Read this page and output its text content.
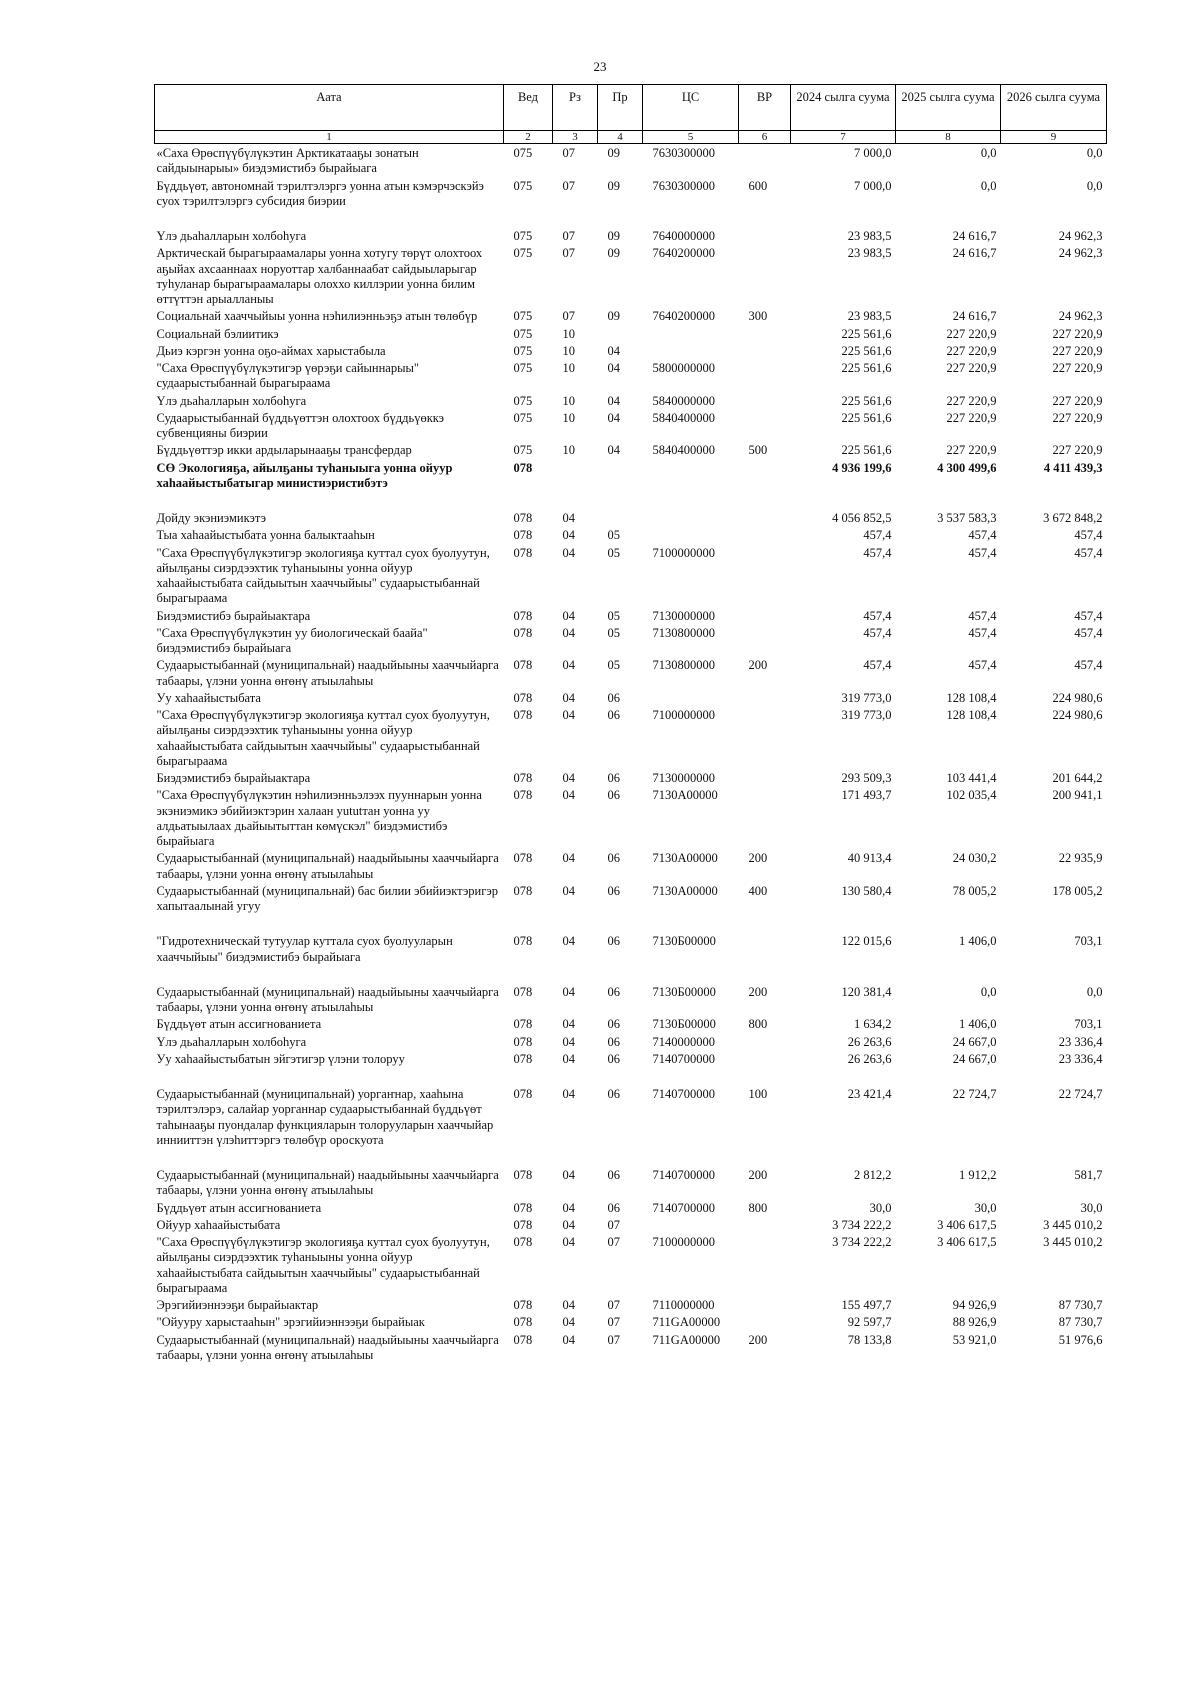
23
Аата	Вед	Рз	Пр	ЦС	ВР	2024 сылга суума	2025 сылга суума	2026 сылга суума
1	2	3	4	5	6	7	8	9
«Саха Өрөспүүбүлүкэтин Арктикатааҕы зонатын сайдыынарыы» биэдэмистибэ бырайыага	075	07	09	7630300000		7 000,0	0,0	0,0
Бүддьүөт, автономнай тэрилтэлэргэ уонна атын кэмэрчэскэйэ суох тэрилтэлэргэ субсидия биэрии	075	07	09	7630300000	600	7 000,0	0,0	0,0
Үлэ дьаһалларын холбоһуга	075	07	09	7640000000		23 983,5	24 616,7	24 962,3
Арктическай бырагыраамалары уонна хотугу төрүт олохтоох аҕыйах ахсааннаах норуоттар халбаннаабат сайдыыларыгар туһуланар бырагыраамалары олоххо киллэрии уонна билим өттүттэн арыалланыы	075	07	09	7640200000		23 983,5	24 616,7	24 962,3
Социальнай хааччыйыы уонна нэһилиэнньэҕэ атын төлөбүр	075	07	09	7640200000	300	23 983,5	24 616,7	24 962,3
Социальнай бэлиитикэ	075	10				225 561,6	227 220,9	227 220,9
Дьиэ кэргэн уонна оҕо-аймах харыстабыла	075	10	04			225 561,6	227 220,9	227 220,9
"Саха Өрөспүүбүлүкэтигэр үөрэҕи сайыннарыы" судаарыстыбаннай бырагыраама	075	10	04	5800000000		225 561,6	227 220,9	227 220,9
Үлэ дьаһалларын холбоһуга	075	10	04	5840000000		225 561,6	227 220,9	227 220,9
Судаарыстыбаннай бүддьүөттэн олохтоох бүддьүөккэ субвенцияны биэрии	075	10	04	5840400000		225 561,6	227 220,9	227 220,9
Бүддьүөттэр икки ардыларынааҕы трансфердар	075	10	04	5840400000	500	225 561,6	227 220,9	227 220,9
СӨ Экологияҕа, айылҕаны туһаныыга уонна ойуур хаһаайыстыбатыгар министиэристибэтэ	078					4 936 199,6	4 300 499,6	4 411 439,3
Дойду экэниэмикэтэ	078	04				4 056 852,5	3 537 583,3	3 672 848,2
Тыа хаһаайыстыбата уонна балыктааһын	078	04	05			457,4	457,4	457,4
"Саха Өрөспүүбүлүкэтигэр экологияҕа куттал суох буолуутун, айылҕаны сиэрдээхтик туһаныыны уонна ойуур хаһаайыстыбата сайдыытын хааччыйыы" судаарыстыбаннай бырагыраама	078	04	05	7100000000		457,4	457,4	457,4
Биэдэмистибэ бырайыактара	078	04	05	7130000000		457,4	457,4	457,4
"Саха Өрөспүүбүлүкэтин уу биологическай баайа" биэдэмистибэ бырайыага	078	04	05	7130800000		457,4	457,4	457,4
Судаарыстыбаннай (муниципальнай) наадыйыыны хааччыйарга табаары, үлэни уонна өҥөнү атыылаһыы	078	04	05	7130800000	200	457,4	457,4	457,4
Уу хаһаайыстыбата	078	04	06			319 773,0	128 108,4	224 980,6
"Саха Өрөспүүбүлүкэтигэр экологияҕа куттал суох буолуутун, айылҕаны сиэрдээхтик туһаныыны уонна ойуур хаһаайыстыбата сайдыытын хааччыйыы" судаарыстыбаннай бырагыраама	078	04	06	7100000000		319 773,0	128 108,4	224 980,6
Биэдэмистибэ бырайыактара	078	04	06	7130000000		293 509,3	103 441,4	201 644,2
"Саха Өрөспүүбүлүкэтин нэһилиэнньэлээх пууннарын уонна экэниэмикэ эбийиэктэрин халаан уututтан уонна уу алдьатыылаах дьайыытыттан көмүскэл" биэдэмистибэ бырайыага	078	04	06	7130А00000		171 493,7	102 035,4	200 941,1
Судаарыстыбаннай (муниципальнай) наадыйыыны хааччыйарга табаары, үлэни уонна өҥөнү атыылаһыы	078	04	06	7130А00000	200	40 913,4	24 030,2	22 935,9
Судаарыстыбаннай (муниципальнай) бас билии эбийиэктэригэр хапытаалынай угуу	078	04	06	7130А00000	400	130 580,4	78 005,2	178 005,2
"Гидротехническай тутуулар куттала суох буолууларын хааччыйыы" биэдэмистибэ бырайыага	078	04	06	7130Б00000		122 015,6	1 406,0	703,1
Судаарыстыбаннай (муниципальнай) наадыйыыны хааччыйарга табаары, үлэни уонна өҥөнү атыылаһыы	078	04	06	7130Б00000	200	120 381,4	0,0	0,0
Бүддьүөт атын ассигнованиета	078	04	06	7130Б00000	800	1 634,2	1 406,0	703,1
Үлэ дьаһалларын холбоһуга	078	04	06	7140000000		26 263,6	24 667,0	23 336,4
Уу хаһаайыстыбатын эйгэтигэр үлэни толоруу	078	04	06	7140700000		26 263,6	24 667,0	23 336,4
Судаарыстыбаннай (муниципальнай) уоргаҥнар, хааһына тэрилтэлэрэ, салайар уорганнар судаарыстыбаннай бүддьүөт таһынааҕы пуондалар функцияларын толорууларын хааччыйар иннииттэн үлэһиттэргэ төлөбүр ороскуота	078	04	06	7140700000	100	23 421,4	22 724,7	22 724,7
Судаарыстыбаннай (муниципальнай) наадыйыыны хааччыйарга табаары, үлэни уонна өҥөнү атыылаһыы	078	04	06	7140700000	200	2 812,2	1 912,2	581,7
Бүддьүөт атын ассигнованиета	078	04	06	7140700000	800	30,0	30,0	30,0
Ойуур хаһаайыстыбата	078	04	07			3 734 222,2	3 406 617,5	3 445 010,2
"Саха Өрөспүүбүлүкэтигэр экологияҕа куттал суох буолуутун, айылҕаны сиэрдээхтик туһаныыны уонна ойуур хаһаайыстыбата сайдыытын хааччыйыы" судаарыстыбаннай бырагыраама	078	04	07	7100000000		3 734 222,2	3 406 617,5	3 445 010,2
Эрэгийиэннээҕи бырайыактар	078	04	07	7110000000		155 497,7	94 926,9	87 730,7
"Ойууру харыстааһын" эрэгийиэннээҕи бырайыак	078	04	07	711GA00000		92 597,7	88 926,9	87 730,7
Судаарыстыбаннай (муниципальнай) наадыйыыны хааччыйарга табаары, үлэни уонна өҥөнү атыылаһыы	078	04	07	711GA00000	200	78 133,8	53 921,0	51 976,6
